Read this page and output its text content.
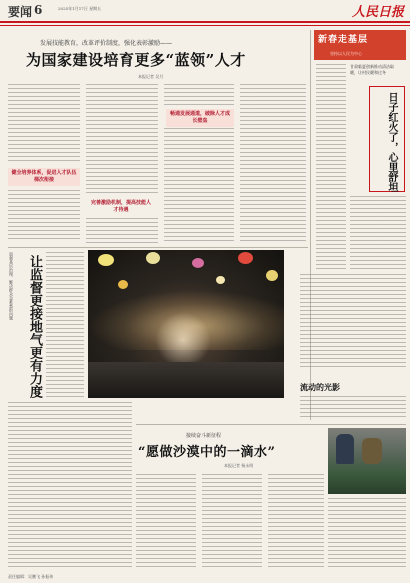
要闻 6	2025年1月17日 星期五	人民日报
发展技能教育，改革评价制度，强化表彰激励——
为国家建设培育更多“蓝领”人才
本报记者 吴月
健全培养体系，促进人才队伍梯次衔接
完善激励机制，提高技能人才待遇
畅通发展通道，破除人才成长壁垒
新春走基层
坚持以人民为中心
甘肃临夏创新推动清洁取暖，让村民暖和过冬
日子红火了，心里舒坦
加强基层治理、解决群众急难愁盼问题	让监督更接地气更有力度	流动的光影
接续奋斗新征程
“愿做沙漠中的一滴水”
本报记者 杨永明
责任编辑：吴鹏飞 孙振伟
